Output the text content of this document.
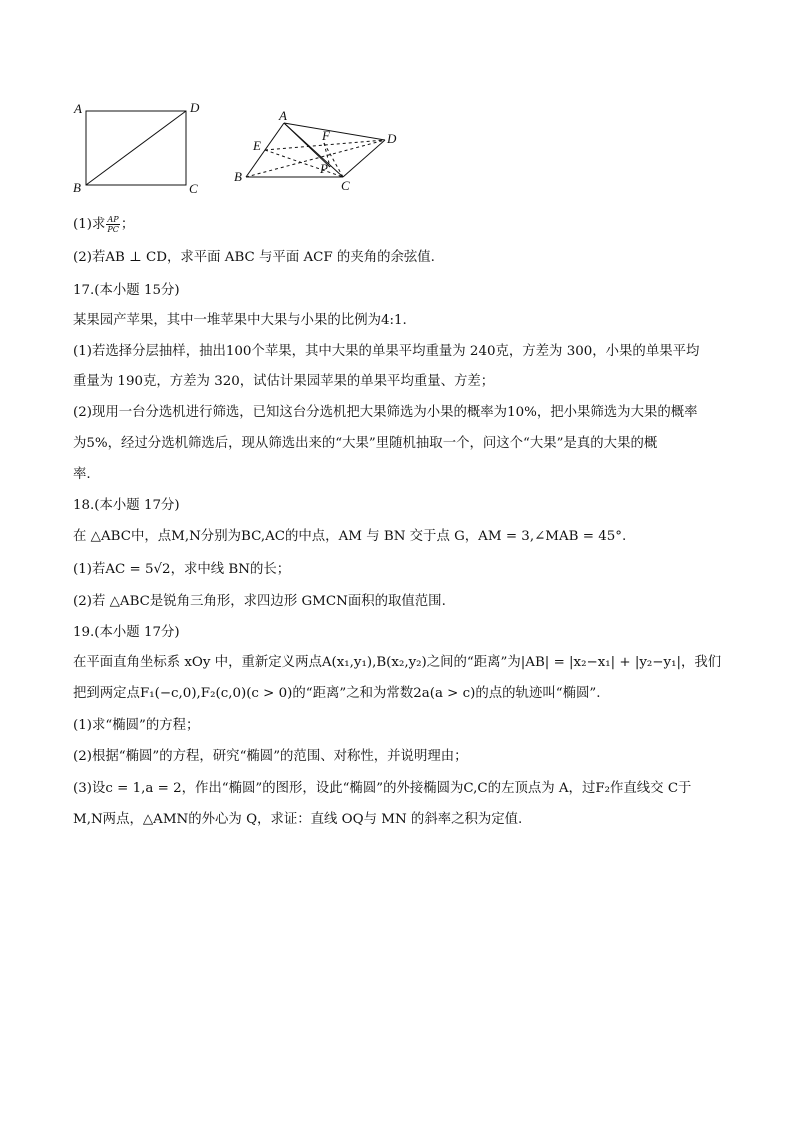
A	D
B	C
A
E
F	D
P
B
C
(1)求 $\frac{AP}{PC}$ ；
(2)若AB ⊥ CD，求平面 ABC 与平面 ACF 的夹角的余弦值.
17.(本小题 15分)
某果园产苹果，其中一堆苹果中大果与小果的比例为4:1.
(1)若选择分层抽样，抽出100个苹果，其中大果的单果平均重量为 240克，方差为 300，小果的单果平均
重量为 190克，方差为 320，试估计果园苹果的单果平均重量、方差；
(2)现用一台分选机进行筛选，已知这台分选机把大果筛选为小果的概率为10%，把小果筛选为大果的概率
为5%，经过分选机筛选后，现从筛选出来的“大果”里随机抽取一个，问这个“大果”是真的大果的概
率.
18.(本小题 17分)
在 △ABC中，点M,N分别为BC,AC的中点，AM 与 BN 交于点 G，AM = 3,∠MAB = 45°.
(1)若AC = 5√2，求中线 BN的长；
(2)若 △ABC是锐角三角形，求四边形 GMCN面积的取值范围.
19.(本小题 17分)
在平面直角坐标系 xOy 中，重新定义两点A(x₁,y₁),B(x₂,y₂)之间的“距离”为|AB| = |x₂−x₁| + |y₂−y₁|，我们
把到两定点F₁(−c,0),F₂(c,0)(c > 0)的“距离”之和为常数2a(a > c)的点的轨迹叫“椭圆”.
(1)求“椭圆”的方程；
(2)根据“椭圆”的方程，研究“椭圆”的范围、对称性，并说明理由；
(3)设c = 1,a = 2，作出“椭圆”的图形，设此“椭圆”的外接椭圆为C,C的左顶点为 A，过F₂作直线交 C于
M,N两点，△AMN的外心为 Q，求证：直线 OQ与 MN 的斜率之积为定值.
